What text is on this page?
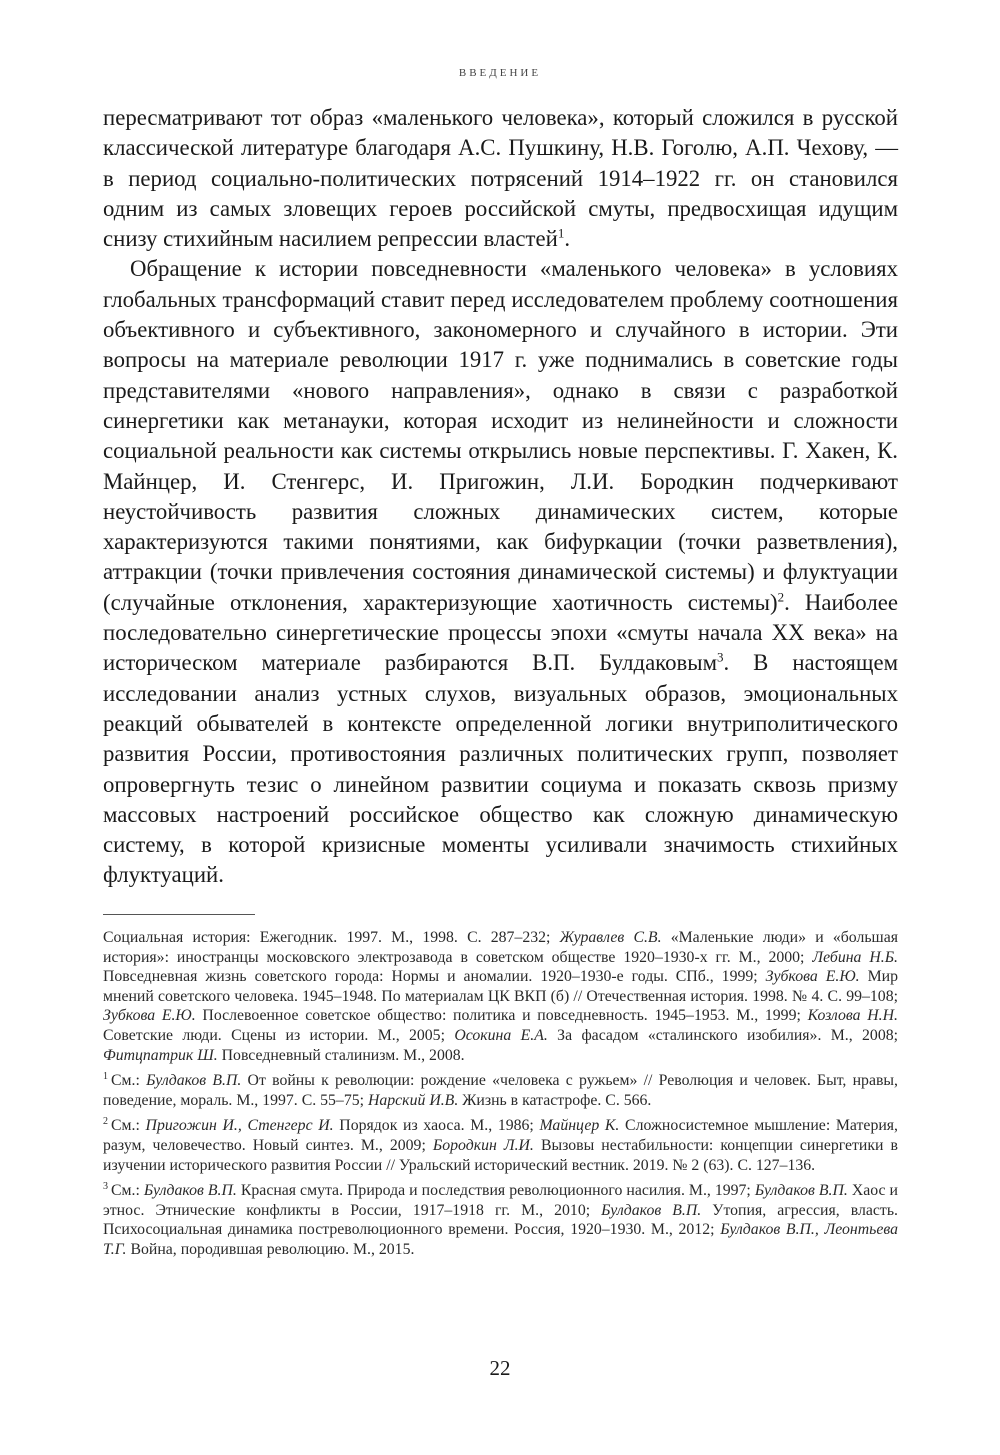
ВВЕДЕНИЕ

пересматривают тот образ «маленького человека», который сложился в русской классической литературе благодаря А.С. Пушкину, Н.В. Гоголю, А.П. Чехову, — в период социально-политических потрясений 1914–1922 гг. он становился одним из самых зловещих героев российской смуты, предвосхищая идущим снизу стихийным насилием репрессии властей$^1$.

Обращение к истории повседневности «маленького человека» в условиях глобальных трансформаций ставит перед исследователем проблему соотношения объективного и субъективного, закономерного и случайного в истории. Эти вопросы на материале революции 1917 г. уже поднимались в советские годы представителями «нового направления», однако в связи с разработкой синергетики как метанауки, которая исходит из нелинейности и сложности социальной реальности как системы открылись новые перспективы. Г. Хакен, К. Майнцер, И. Стенгерс, И. Пригожин, Л.И. Бородкин подчеркивают неустойчивость развития сложных динамических систем, которые характеризуются такими понятиями, как бифуркации (точки разветвления), аттракции (точки привлечения состояния динамической системы) и флуктуации (случайные отклонения, характеризующие хаотичность системы)$^2$. Наиболее последовательно синергетические процессы эпохи «смуты начала XX века» на историческом материале разбираются В.П. Булдаковым$^3$. В настоящем исследовании анализ устных слухов, визуальных образов, эмоциональных реакций обывателей в контексте определенной логики внутриполитического развития России, противостояния различных политических групп, позволяет опровергнуть тезис о линейном развитии социума и показать сквозь призму массовых настроений российское общество как сложную динамическую систему, в которой кризисные моменты усиливали значимость стихийных флуктуаций.

Социальная история: Ежегодник. 1997. М., 1998. С. 287–232; Журавлев С.В. «Маленькие люди» и «большая история»: иностранцы московского электрозавода в советском обществе 1920–1930-х гг. М., 2000; Лебина Н.Б. Повседневная жизнь советского города: Нормы и аномалии. 1920–1930-е годы. СПб., 1999; Зубкова Е.Ю. Мир мнений советского человека. 1945–1948. По материалам ЦК ВКП (б) // Отечественная история. 1998. № 4. С. 99–108; Зубкова Е.Ю. Послевоенное советское общество: политика и повседневность. 1945–1953. М., 1999; Козлова Н.Н. Советские люди. Сцены из истории. М., 2005; Осокина Е.А. За фасадом «сталинского изобилия». М., 2008; Фитцпатрик Ш. Повседневный сталинизм. М., 2008.

$^1$ См.: Булдаков В.П. От войны к революции: рождение «человека с ружьем» // Революция и человек. Быт, нравы, поведение, мораль. М., 1997. С. 55–75; Нарский И.В. Жизнь в катастрофе. С. 566.

$^2$ См.: Пригожин И., Стенгерс И. Порядок из хаоса. М., 1986; Майнцер К. Сложносистемное мышление: Материя, разум, человечество. Новый синтез. М., 2009; Бородкин Л.И. Вызовы нестабильности: концепции синергетики в изучении исторического развития России // Уральский исторический вестник. 2019. № 2 (63). С. 127–136.

$^3$ См.: Булдаков В.П. Красная смута. Природа и последствия революционного насилия. М., 1997; Булдаков В.П. Хаос и этнос. Этнические конфликты в России, 1917–1918 гг. М., 2010; Булдаков В.П. Утопия, агрессия, власть. Психосоциальная динамика постреволюционного времени. Россия, 1920–1930. М., 2012; Булдаков В.П., Леонтьева Т.Г. Война, породившая революцию. М., 2015.

22
